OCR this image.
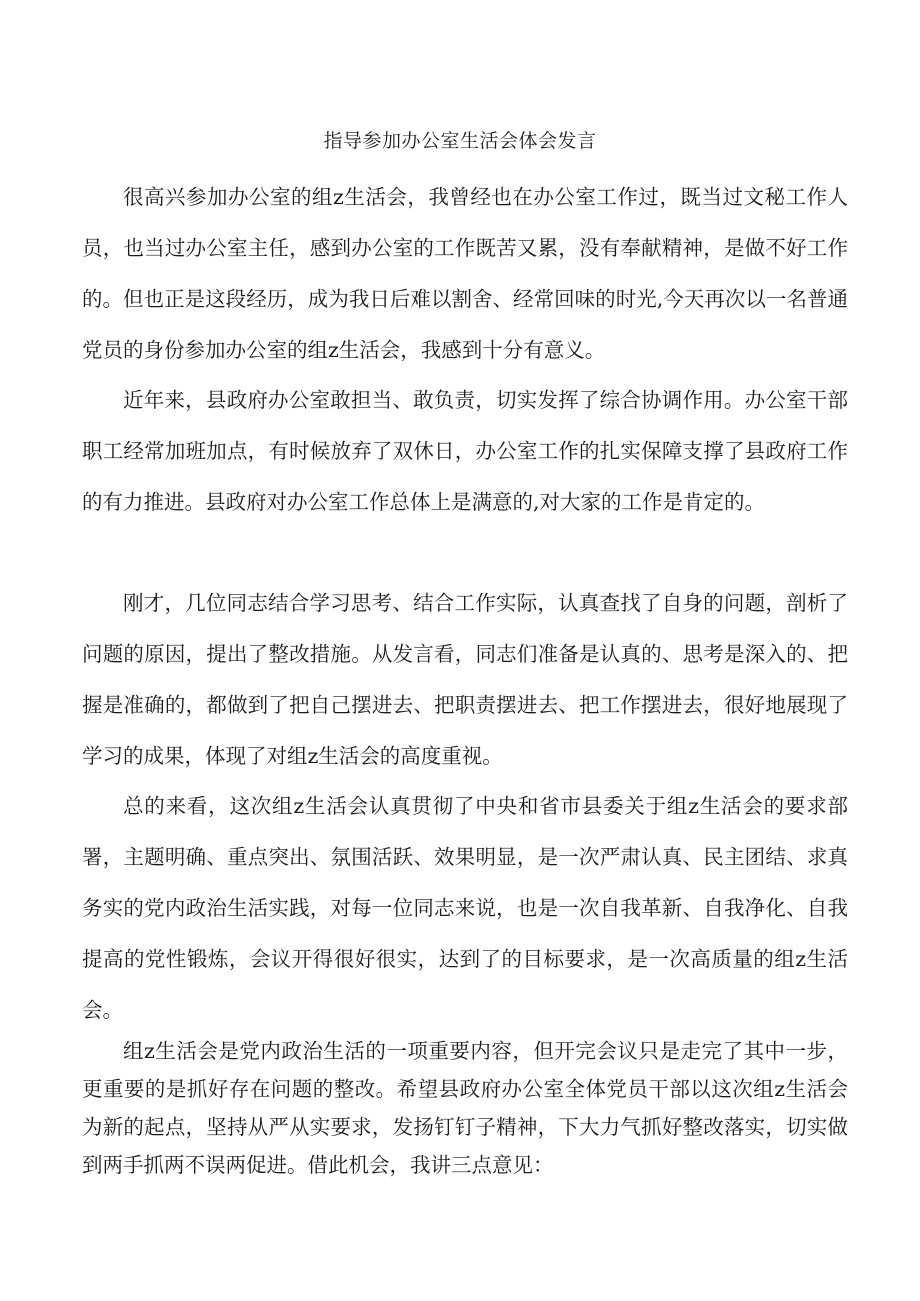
指导参加办公室生活会体会发言

很高兴参加办公室的组z生活会，我曾经也在办公室工作过，既当过文秘工作人员，也当过办公室主任，感到办公室的工作既苦又累，没有奉献精神，是做不好工作的。但也正是这段经历，成为我日后难以割舍、经常回味的时光,今天再次以一名普通党员的身份参加办公室的组z生活会，我感到十分有意义。

近年来，县政府办公室敢担当、敢负责，切实发挥了综合协调作用。办公室干部职工经常加班加点，有时候放弃了双休日，办公室工作的扎实保障支撑了县政府工作的有力推进。县政府对办公室工作总体上是满意的,对大家的工作是肯定的。

刚才，几位同志结合学习思考、结合工作实际，认真查找了自身的问题，剖析了问题的原因，提出了整改措施。从发言看，同志们准备是认真的、思考是深入的、把握是准确的，都做到了把自己摆进去、把职责摆进去、把工作摆进去，很好地展现了学习的成果，体现了对组z生活会的高度重视。

总的来看，这次组z生活会认真贯彻了中央和省市县委关于组z生活会的要求部署，主题明确、重点突出、氛围活跃、效果明显，是一次严肃认真、民主团结、求真务实的党内政治生活实践，对每一位同志来说，也是一次自我革新、自我净化、自我提高的党性锻炼，会议开得很好很实，达到了的目标要求，是一次高质量的组z生活会。

组z生活会是党内政治生活的一项重要内容，但开完会议只是走完了其中一步，更重要的是抓好存在问题的整改。希望县政府办公室全体党员干部以这次组z生活会为新的起点，坚持从严从实要求，发扬钉钉子精神，下大力气抓好整改落实，切实做到两手抓两不误两促进。借此机会，我讲三点意见：
